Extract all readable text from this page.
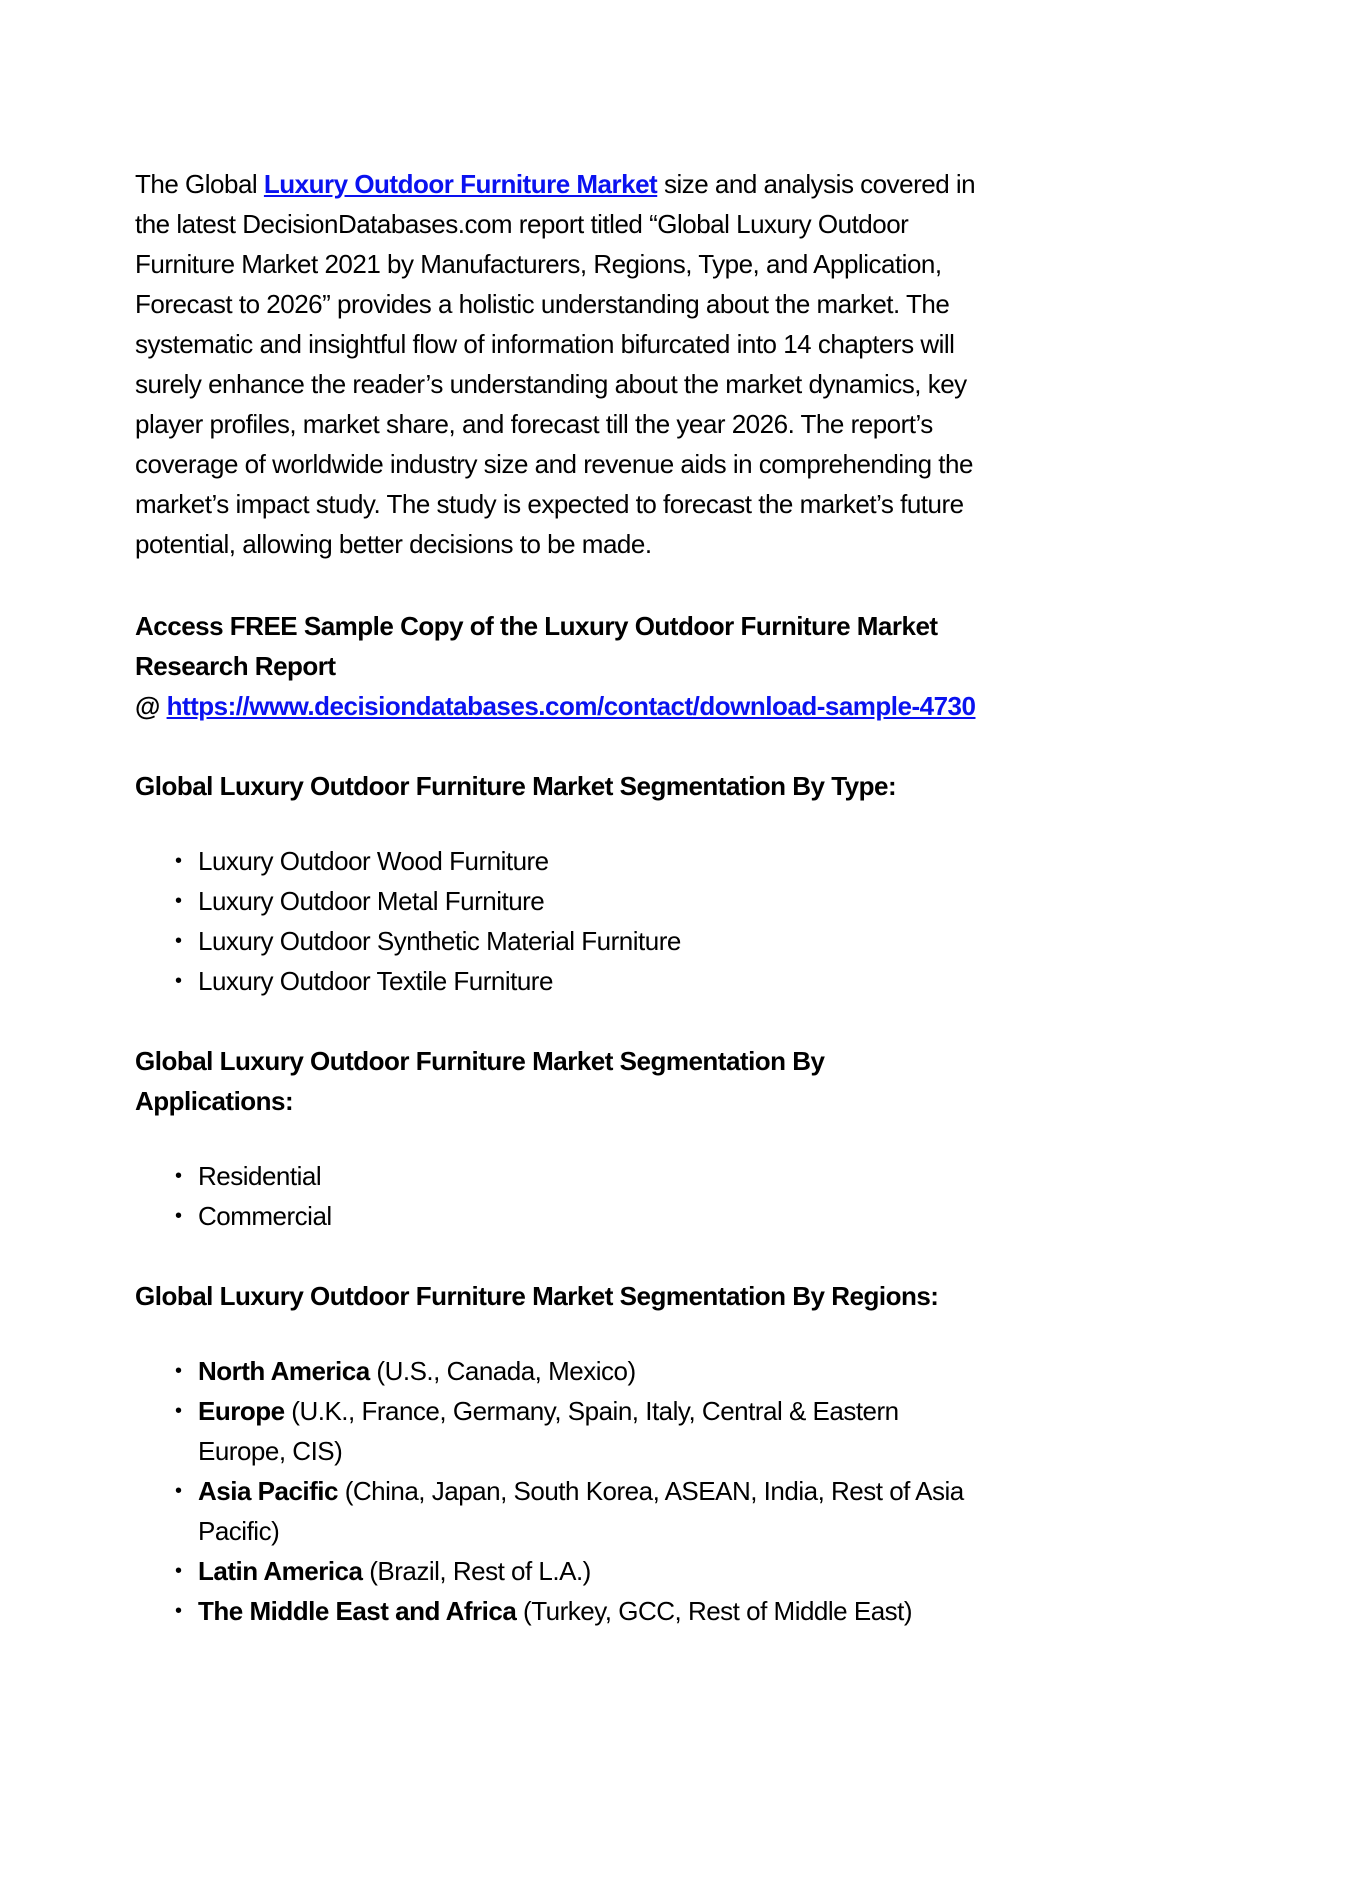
The Global Luxury Outdoor Furniture Market size and analysis covered in the latest DecisionDatabases.com report titled “Global Luxury Outdoor Furniture Market 2021 by Manufacturers, Regions, Type, and Application, Forecast to 2026” provides a holistic understanding about the market. The systematic and insightful flow of information bifurcated into 14 chapters will surely enhance the reader’s understanding about the market dynamics, key player profiles, market share, and forecast till the year 2026. The report’s coverage of worldwide industry size and revenue aids in comprehending the market’s impact study. The study is expected to forecast the market’s future potential, allowing better decisions to be made.

Access FREE Sample Copy of the Luxury Outdoor Furniture Market Research Report
@ https://www.decisiondatabases.com/contact/download-sample-4730
Global Luxury Outdoor Furniture Market Segmentation By Type:
• Luxury Outdoor Wood Furniture
• Luxury Outdoor Metal Furniture
• Luxury Outdoor Synthetic Material Furniture
• Luxury Outdoor Textile Furniture
Global Luxury Outdoor Furniture Market Segmentation By Applications:
• Residential
• Commercial
Global Luxury Outdoor Furniture Market Segmentation By Regions:
• North America (U.S., Canada, Mexico)
• Europe (U.K., France, Germany, Spain, Italy, Central & Eastern Europe, CIS)
• Asia Pacific (China, Japan, South Korea, ASEAN, India, Rest of Asia Pacific)
• Latin America (Brazil, Rest of L.A.)
• The Middle East and Africa (Turkey, GCC, Rest of Middle East)
